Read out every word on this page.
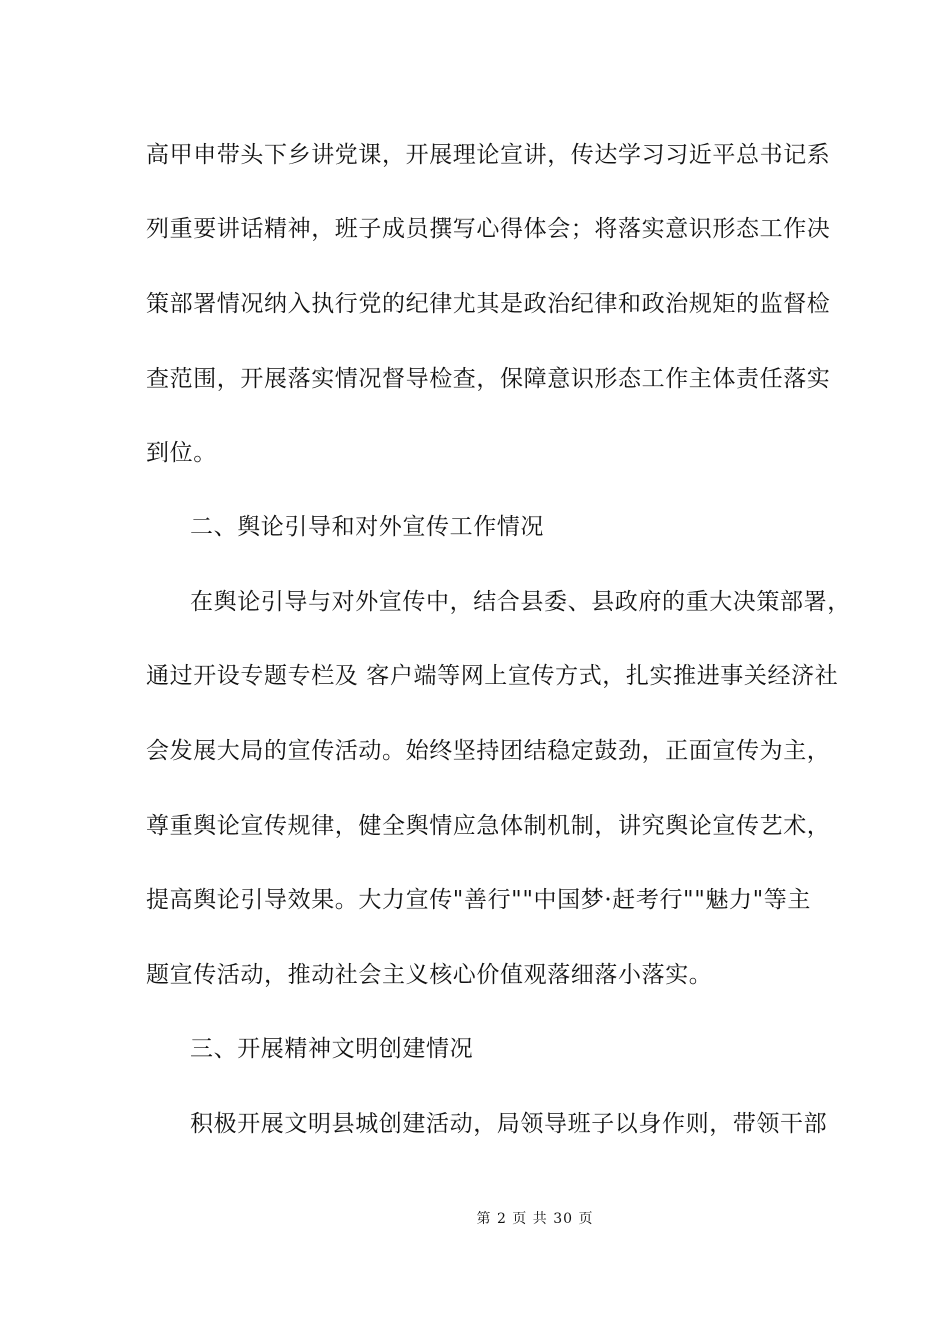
高甲申带头下乡讲党课，开展理论宣讲，传达学习习近平总书记系
列重要讲话精神，班子成员撰写心得体会；将落实意识形态工作决
策部署情况纳入执行党的纪律尤其是政治纪律和政治规矩的监督检
查范围，开展落实情况督导检查，保障意识形态工作主体责任落实
到位。
二、舆论引导和对外宣传工作情况
在舆论引导与对外宣传中，结合县委、县政府的重大决策部署，
通过开设专题专栏及 客户端等网上宣传方式，扎实推进事关经济社
会发展大局的宣传活动。始终坚持团结稳定鼓劲，正面宣传为主，
尊重舆论宣传规律，健全舆情应急体制机制，讲究舆论宣传艺术，
提高舆论引导效果。大力宣传"善行""中国梦·赶考行""魅力"等主
题宣传活动，推动社会主义核心价值观落细落小落实。
三、开展精神文明创建情况
积极开展文明县城创建活动，局领导班子以身作则，带领干部
第 2 页 共 30 页
